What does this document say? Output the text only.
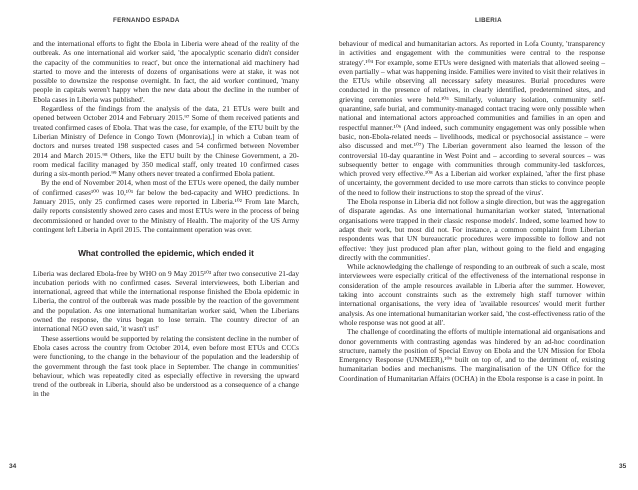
FERNANDO ESPADA

and the international efforts to fight the Ebola in Liberia were ahead of the reality of the outbreak. As one international aid worker said, 'the apocalyptic scenario didn't consider the capacity of the communities to react', but once the international aid machinery had started to move and the interests of dozens of organisations were at stake, it was not possible to downsize the response overnight. In fact, the aid worker continued, 'many people in capitals weren't happy when the new data about the decline in the number of Ebola cases in Liberia was published'.

Regardless of the findings from the analysis of the data, 21 ETUs were built and opened between October 2014 and February 2015.⁹⁷ Some of them received patients and treated confirmed cases of Ebola. That was the case, for example, of the ETU built by the Liberian Ministry of Defence in Congo Town (Monrovia),] in which a Cuban team of doctors and nurses treated 198 suspected cases and 54 confirmed between November 2014 and March 2015.⁹⁸ Others, like the ETU built by the Chinese Government, a 20-room medical facility managed by 350 medical staff, only treated 10 confirmed cases during a six-month period.⁹⁹ Many others never treated a confirmed Ebola patient.

By the end of November 2014, when most of the ETUs were opened, the daily number of confirmed cases¹⁰⁰ was 10,¹⁰¹ far below the bed-capacity and WHO predictions. In January 2015, only 25 confirmed cases were reported in Liberia.¹⁰² From late March, daily reports consistently showed zero cases and most ETUs were in the process of being decommissioned or handed over to the Ministry of Health. The majority of the US Army contingent left Liberia in April 2015. The containment operation was over.

What controlled the epidemic, which ended it

Liberia was declared Ebola-free by WHO on 9 May 2015¹⁰³ after two consecutive 21-day incubation periods with no confirmed cases. Several interviewees, both Liberian and international, agreed that while the international response finished the Ebola epidemic in Liberia, the control of the outbreak was made possible by the reaction of the government and the population. As one international humanitarian worker said, 'when the Liberians owned the response, the virus began to lose terrain. The country director of an international NGO even said, 'it wasn't us!'

These assertions would be supported by relating the consistent decline in the number of Ebola cases across the country from October 2014, even before most ETUs and CCCs were functioning, to the change in the behaviour of the population and the leadership of the government through the fast took place in September. The change in communities' behaviour, which was repeatedly cited as especially effective in reversing the upward trend of the outbreak in Liberia, should also be understood as a consequence of a change in the

34
LIBERIA

behaviour of medical and humanitarian actors. As reported in Lofa County, 'transparency in activities and engagement with the communities were central to the response strategy'.¹⁰⁴ For example, some ETUs were designed with materials that allowed seeing – even partially – what was happening inside. Families were invited to visit their relatives in the ETUs while observing all necessary safety measures. Burial procedures were conducted in the presence of relatives, in clearly identified, predetermined sites, and grieving ceremonies were held.¹⁰⁵ Similarly, voluntary isolation, community self-quarantine, safe burial, and community-managed contact tracing were only possible when national and international actors approached communities and families in an open and respectful manner.¹⁰⁶ (And indeed, such community engagement was only possible when basic, non-Ebola-related needs – livelihoods, medical or psychosocial assistance – were also discussed and met.¹⁰⁷) The Liberian government also learned the lesson of the controversial 10-day quarantine in West Point and – according to several sources – was subsequently better to engage with communities through community-led taskforces, which proved very effective.¹⁰⁸ As a Liberian aid worker explained, 'after the first phase of uncertainty, the government decided to use more carrots than sticks to convince people of the need to follow their instructions to stop the spread of the virus'.

The Ebola response in Liberia did not follow a single direction, but was the aggregation of disparate agendas. As one international humanitarian worker stated, 'international organisations were trapped in their classic response models'. Indeed, some learned how to adapt their work, but most did not. For instance, a common complaint from Liberian respondents was that UN bureaucratic procedures were impossible to follow and not effective: 'they just produced plan after plan, without going to the field and engaging directly with the communities'.

While acknowledging the challenge of responding to an outbreak of such a scale, most interviewees were especially critical of the effectiveness of the international response in consideration of the ample resources available in Liberia after the summer. However, taking into account constraints such as the extremely high staff turnover within international organisations, the very idea of 'available resources' would merit further analysis. As one international humanitarian worker said, 'the cost-effectiveness ratio of the whole response was not good at all'.

The challenge of coordinating the efforts of multiple international aid organisations and donor governments with contrasting agendas was hindered by an ad-hoc coordination structure, namely the position of Special Envoy on Ebola and the UN Mission for Ebola Emergency Response (UNMEER),¹⁰⁹ built on top of, and to the detriment of, existing humanitarian bodies and mechanisms. The marginalisation of the UN Office for the Coordination of Humanitarian Affairs (OCHA) in the Ebola response is a case in point. In

35
